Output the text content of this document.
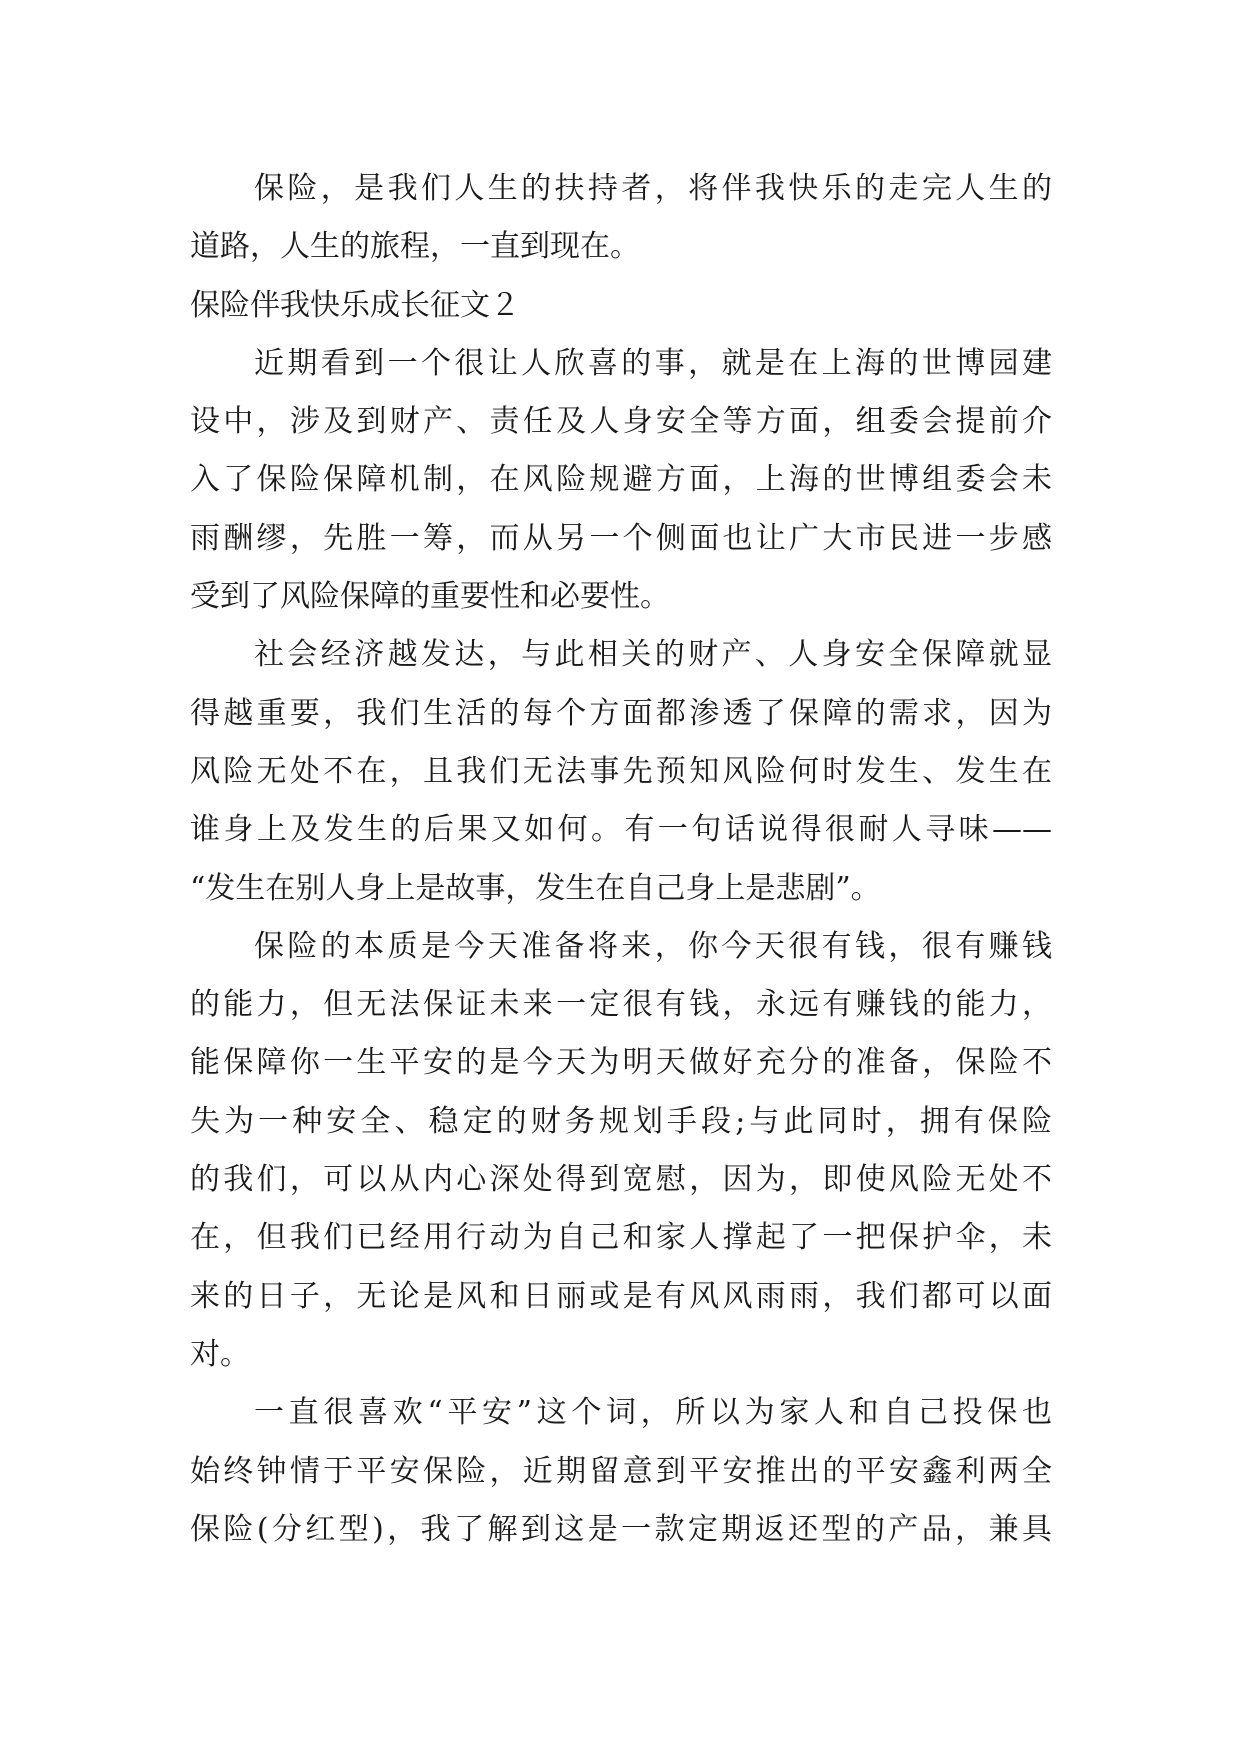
保险，是我们人生的扶持者，将伴我快乐的走完人生的
道路，人生的旅程，一直到现在。
保险伴我快乐成长征文２
近期看到一个很让人欣喜的事，就是在上海的世博园建
设中，涉及到财产、责任及人身安全等方面，组委会提前介
入了保险保障机制，在风险规避方面，上海的世博组委会未
雨酬缪，先胜一筹，而从另一个侧面也让广大市民进一步感
受到了风险保障的重要性和必要性。
社会经济越发达，与此相关的财产、人身安全保障就显
得越重要，我们生活的每个方面都渗透了保障的需求，因为
风险无处不在，且我们无法事先预知风险何时发生、发生在
谁身上及发生的后果又如何。有一句话说得很耐人寻味——
“发生在别人身上是故事，发生在自己身上是悲剧”。
保险的本质是今天准备将来，你今天很有钱，很有赚钱
的能力，但无法保证未来一定很有钱，永远有赚钱的能力，
能保障你一生平安的是今天为明天做好充分的准备，保险不
失为一种安全、稳定的财务规划手段;与此同时，拥有保险
的我们，可以从内心深处得到宽慰，因为，即使风险无处不
在，但我们已经用行动为自己和家人撑起了一把保护伞，未
来的日子，无论是风和日丽或是有风风雨雨，我们都可以面
对。
一直很喜欢“平安”这个词，所以为家人和自己投保也
始终钟情于平安保险，近期留意到平安推出的平安鑫利两全
保险(分红型)，我了解到这是一款定期返还型的产品，兼具
